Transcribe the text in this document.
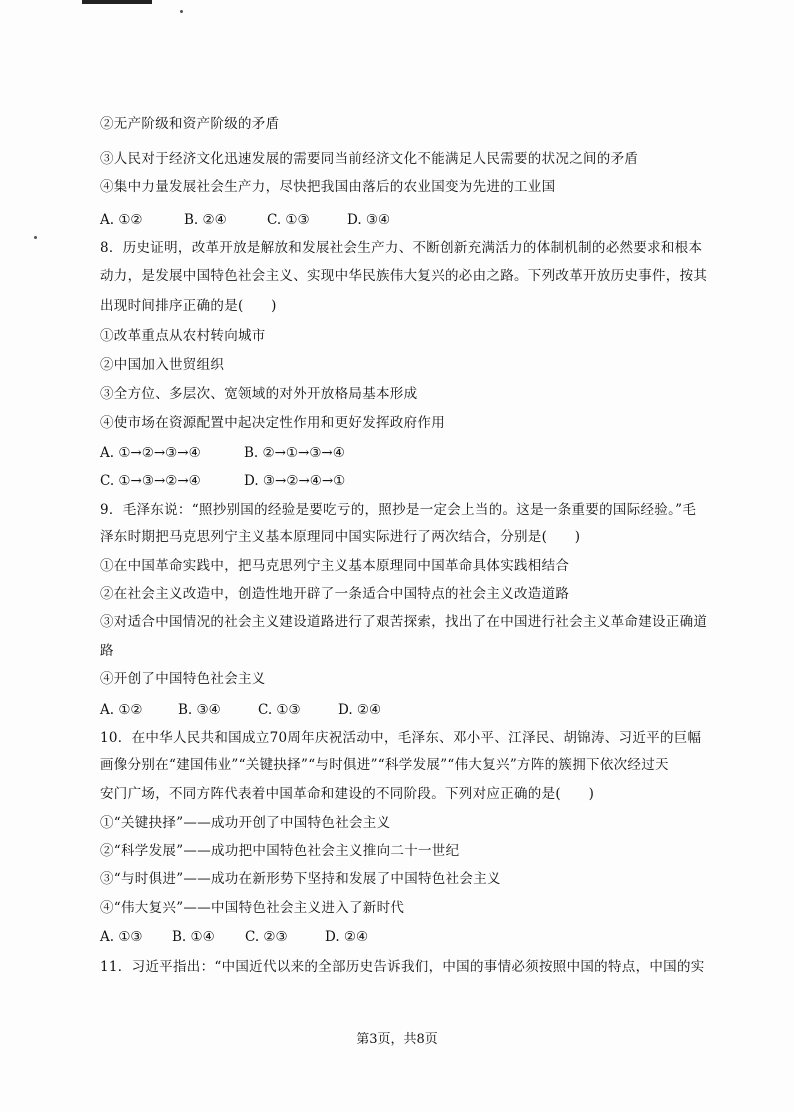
②无产阶级和资产阶级的矛盾
③人民对于经济文化迅速发展的需要同当前经济文化不能满足人民需要的状况之间的矛盾
④集中力量发展社会生产力，尽快把我国由落后的农业国变为先进的工业国
A. ①②	B. ②④	C. ①③	D. ③④
8．历史证明，改革开放是解放和发展社会生产力、不断创新充满活力的体制机制的必然要求和根本
动力，是发展中国特色社会主义、实现中华民族伟大复兴的必由之路。下列改革开放历史事件，按其
出现时间排序正确的是(　　)
①改革重点从农村转向城市
②中国加入世贸组织
③全方位、多层次、宽领域的对外开放格局基本形成
④使市场在资源配置中起决定性作用和更好发挥政府作用
A. ①→②→③→④	B. ②→①→③→④
C. ①→③→②→④	D. ③→②→④→①
9．毛泽东说：“照抄别国的经验是要吃亏的，照抄是一定会上当的。这是一条重要的国际经验。”毛
泽东时期把马克思列宁主义基本原理同中国实际进行了两次结合，分别是(　　)
①在中国革命实践中，把马克思列宁主义基本原理同中国革命具体实践相结合
②在社会主义改造中，创造性地开辟了一条适合中国特点的社会主义改造道路
③对适合中国情况的社会主义建设道路进行了艰苦探索，找出了在中国进行社会主义革命建设正确道
路
④开创了中国特色社会主义
A. ①②	B. ③④	C. ①③	D. ②④
10．在中华人民共和国成立70周年庆祝活动中，毛泽东、邓小平、江泽民、胡锦涛、习近平的巨幅
画像分别在“建国伟业”“关键抉择”“与时俱进”“科学发展”“伟大复兴”方阵的簇拥下依次经过天
安门广场，不同方阵代表着中国革命和建设的不同阶段。下列对应正确的是(　　)
①“关键抉择”——成功开创了中国特色社会主义
②“科学发展”——成功把中国特色社会主义推向二十一世纪
③“与时俱进”——成功在新形势下坚持和发展了中国特色社会主义
④“伟大复兴”——中国特色社会主义进入了新时代
A. ①③	B. ①④	C. ②③	D. ②④
11．习近平指出：“中国近代以来的全部历史告诉我们，中国的事情必须按照中国的特点，中国的实
第3页，共8页
